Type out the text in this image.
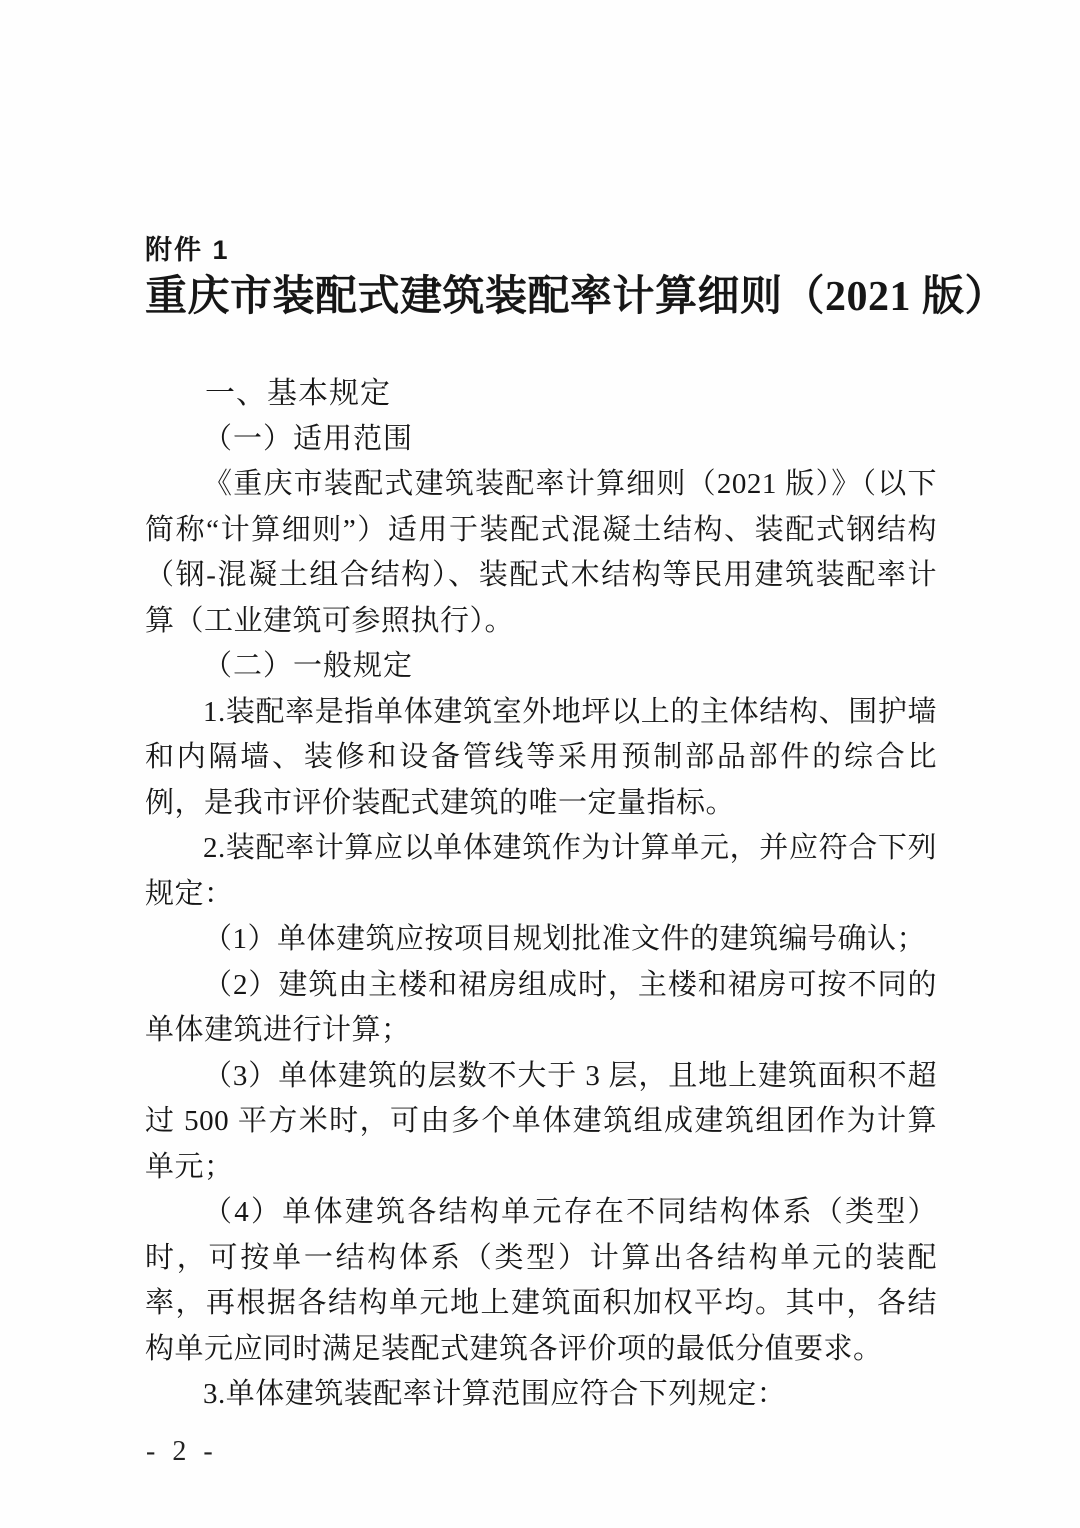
附件 1
重庆市装配式建筑装配率计算细则（2021 版）
一、基本规定
（一）适用范围

《重庆市装配式建筑装配率计算细则（2021 版）》（以下简称“计算细则”）适用于装配式混凝土结构、装配式钢结构（钢-混凝土组合结构）、装配式木结构等民用建筑装配率计算（工业建筑可参照执行）。

（二）一般规定

1.装配率是指单体建筑室外地坪以上的主体结构、围护墙和内隔墙、装修和设备管线等采用预制部品部件的综合比例，是我市评价装配式建筑的唯一定量指标。

2.装配率计算应以单体建筑作为计算单元，并应符合下列规定：

（1）单体建筑应按项目规划批准文件的建筑编号确认；

（2）建筑由主楼和裙房组成时，主楼和裙房可按不同的单体建筑进行计算；

（3）单体建筑的层数不大于 3 层，且地上建筑面积不超过 500 平方米时，可由多个单体建筑组成建筑组团作为计算单元；

（4）单体建筑各结构单元存在不同结构体系（类型）时，可按单一结构体系（类型）计算出各结构单元的装配率，再根据各结构单元地上建筑面积加权平均。其中，各结构单元应同时满足装配式建筑各评价项的最低分值要求。

3.单体建筑装配率计算范围应符合下列规定：

- 2 -
